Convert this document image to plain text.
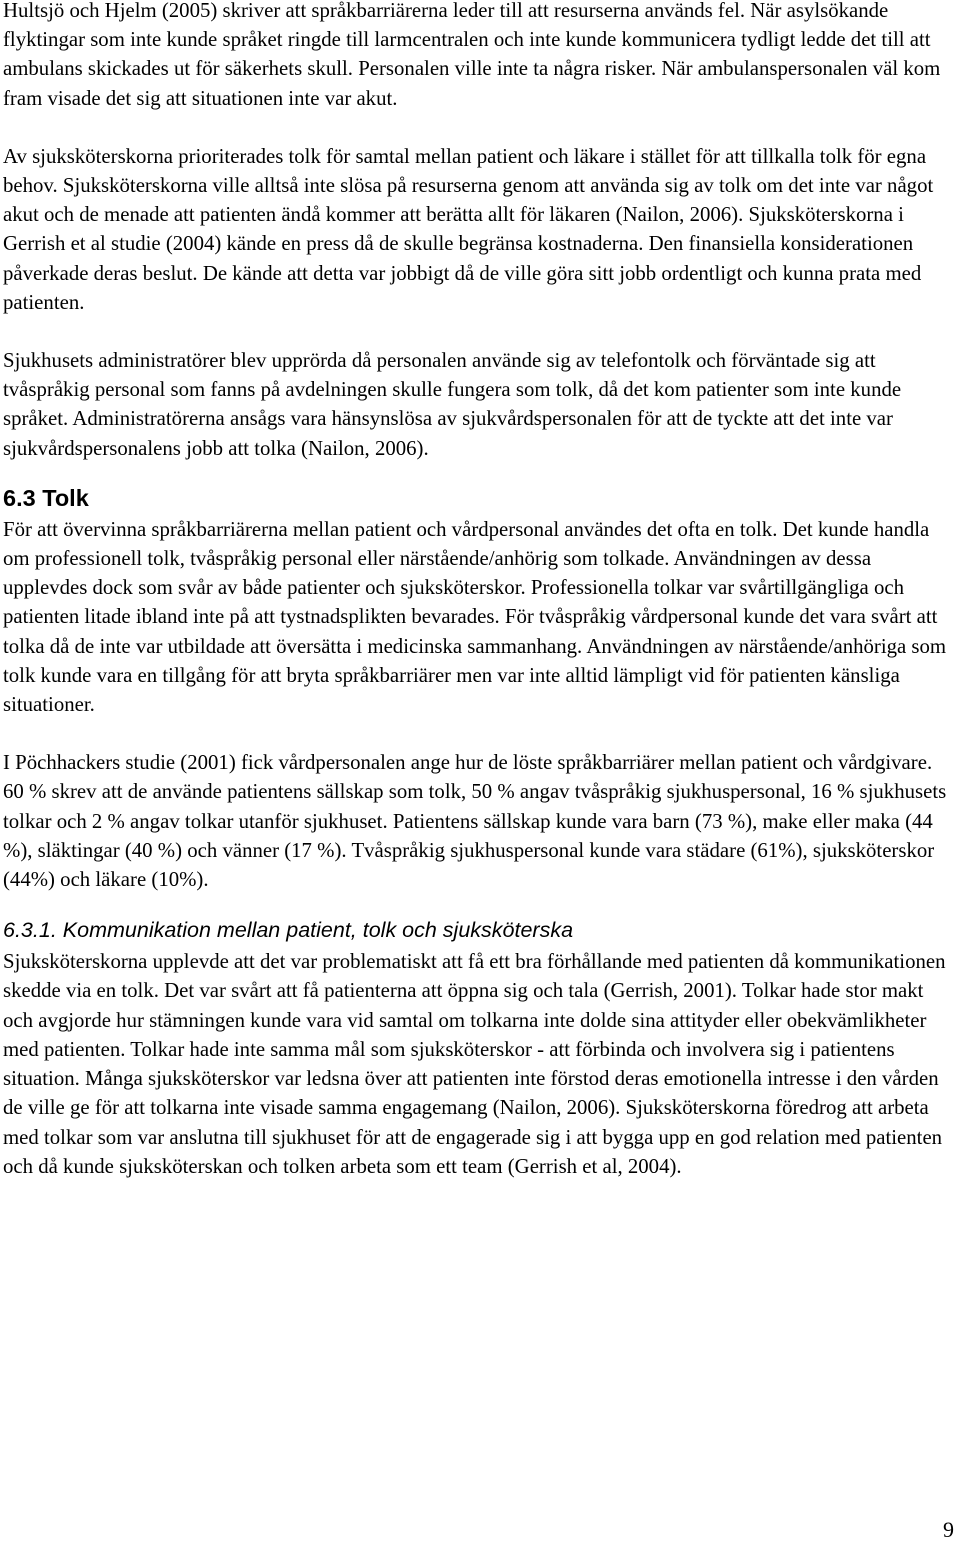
Hultsjö och Hjelm (2005) skriver att språkbarriärerna leder till att resurserna används fel. När asylsökande flyktingar som inte kunde språket ringde till larmcentralen och inte kunde kommunicera tydligt ledde det till att ambulans skickades ut för säkerhets skull. Personalen ville inte ta några risker. När ambulanspersonalen väl kom fram visade det sig att situationen inte var akut.

Av sjuksköterskorna prioriterades tolk för samtal mellan patient och läkare i stället för att tillkalla tolk för egna behov. Sjuksköterskorna ville alltså inte slösa på resurserna genom att använda sig av tolk om det inte var något akut och de menade att patienten ändå kommer att berätta allt för läkaren (Nailon, 2006). Sjuksköterskorna i Gerrish et al studie (2004) kände en press då de skulle begränsa kostnaderna. Den finansiella konsiderationen påverkade deras beslut. De kände att detta var jobbigt då de ville göra sitt jobb ordentligt och kunna prata med patienten.

Sjukhusets administratörer blev upprörda då personalen använde sig av telefontolk och förväntade sig att tvåspråkig personal som fanns på avdelningen skulle fungera som tolk, då det kom patienter som inte kunde språket. Administratörerna ansågs vara hänsynslösa av sjukvårdspersonalen för att de tyckte att det inte var sjukvårdspersonalens jobb att tolka (Nailon, 2006).

6.3 Tolk

För att övervinna språkbarriärerna mellan patient och vårdpersonal användes det ofta en tolk. Det kunde handla om professionell tolk, tvåspråkig personal eller närstående/anhörig som tolkade. Användningen av dessa upplevdes dock som svår av både patienter och sjuksköterskor. Professionella tolkar var svårtillgängliga och patienten litade ibland inte på att tystnadsplikten bevarades. För tvåspråkig vårdpersonal kunde det vara svårt att tolka då de inte var utbildade att översätta i medicinska sammanhang. Användningen av närstående/anhöriga som tolk kunde vara en tillgång för att bryta språkbarriärer men var inte alltid lämpligt vid för patienten känsliga situationer.

I Pöchhackers studie (2001) fick vårdpersonalen ange hur de löste språkbarriärer mellan patient och vårdgivare. 60 % skrev att de använde patientens sällskap som tolk, 50 % angav tvåspråkig sjukhuspersonal, 16 % sjukhusets tolkar och 2 % angav tolkar utanför sjukhuset. Patientens sällskap kunde vara barn (73 %), make eller maka (44 %), släktingar (40 %) och vänner (17 %). Tvåspråkig sjukhuspersonal kunde vara städare (61%), sjuksköterskor (44%) och läkare (10%).

6.3.1. Kommunikation mellan patient, tolk och sjuksköterska

Sjuksköterskorna upplevde att det var problematiskt att få ett bra förhållande med patienten då kommunikationen skedde via en tolk. Det var svårt att få patienterna att öppna sig och tala (Gerrish, 2001). Tolkar hade stor makt och avgjorde hur stämningen kunde vara vid samtal om tolkarna inte dolde sina attityder eller obekvämlikheter med patienten. Tolkar hade inte samma mål som sjuksköterskor - att förbinda och involvera sig i patientens situation. Många sjuksköterskor var ledsna över att patienten inte förstod deras emotionella intresse i den vården de ville ge för att tolkarna inte visade samma engagemang (Nailon, 2006). Sjuksköterskorna föredrog att arbeta med tolkar som var anslutna till sjukhuset för att de engagerade sig i att bygga upp en god relation med patienten och då kunde sjuksköterskan och tolken arbeta som ett team (Gerrish et al, 2004).

9
